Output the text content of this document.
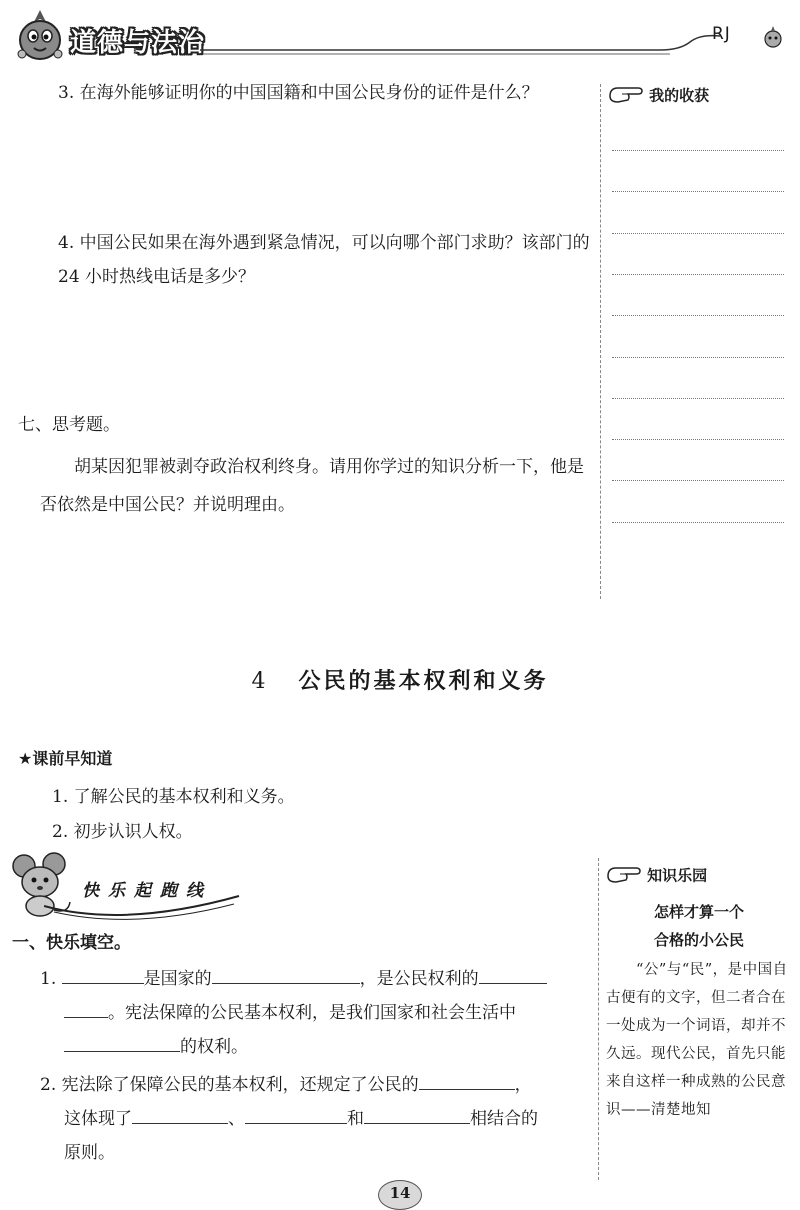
道德与法治	RJ
我的收获
3. 在海外能够证明你的中国国籍和中国公民身份的证件是什么？
4. 中国公民如果在海外遇到紧急情况，可以向哪个部门求助？该部门的 24 小时热线电话是多少？
七、思考题。
胡某因犯罪被剥夺政治权利终身。请用你学过的知识分析一下，他是否依然是中国公民？并说明理由。
4 公民的基本权利和义务
★课前早知道
1. 了解公民的基本权利和义务。
2. 初步认识人权。
快乐起跑线
一、快乐填空。
1.	是国家的	，是公民权利的
。宪法保障的公民基本权利，是我们国家和社会生活中
的权利。
2. 宪法除了保障公民的基本权利，还规定了公民的	，
这体现了	、	和	相结合的
原则。
知识乐园
怎样才算一个
合格的小公民
“公”与“民”，是中国自古便有的文字，但二者合在一处成为一个词语，却并不久远。现代公民，首先只能来自这样一种成熟的公民意识——清楚地知
14
